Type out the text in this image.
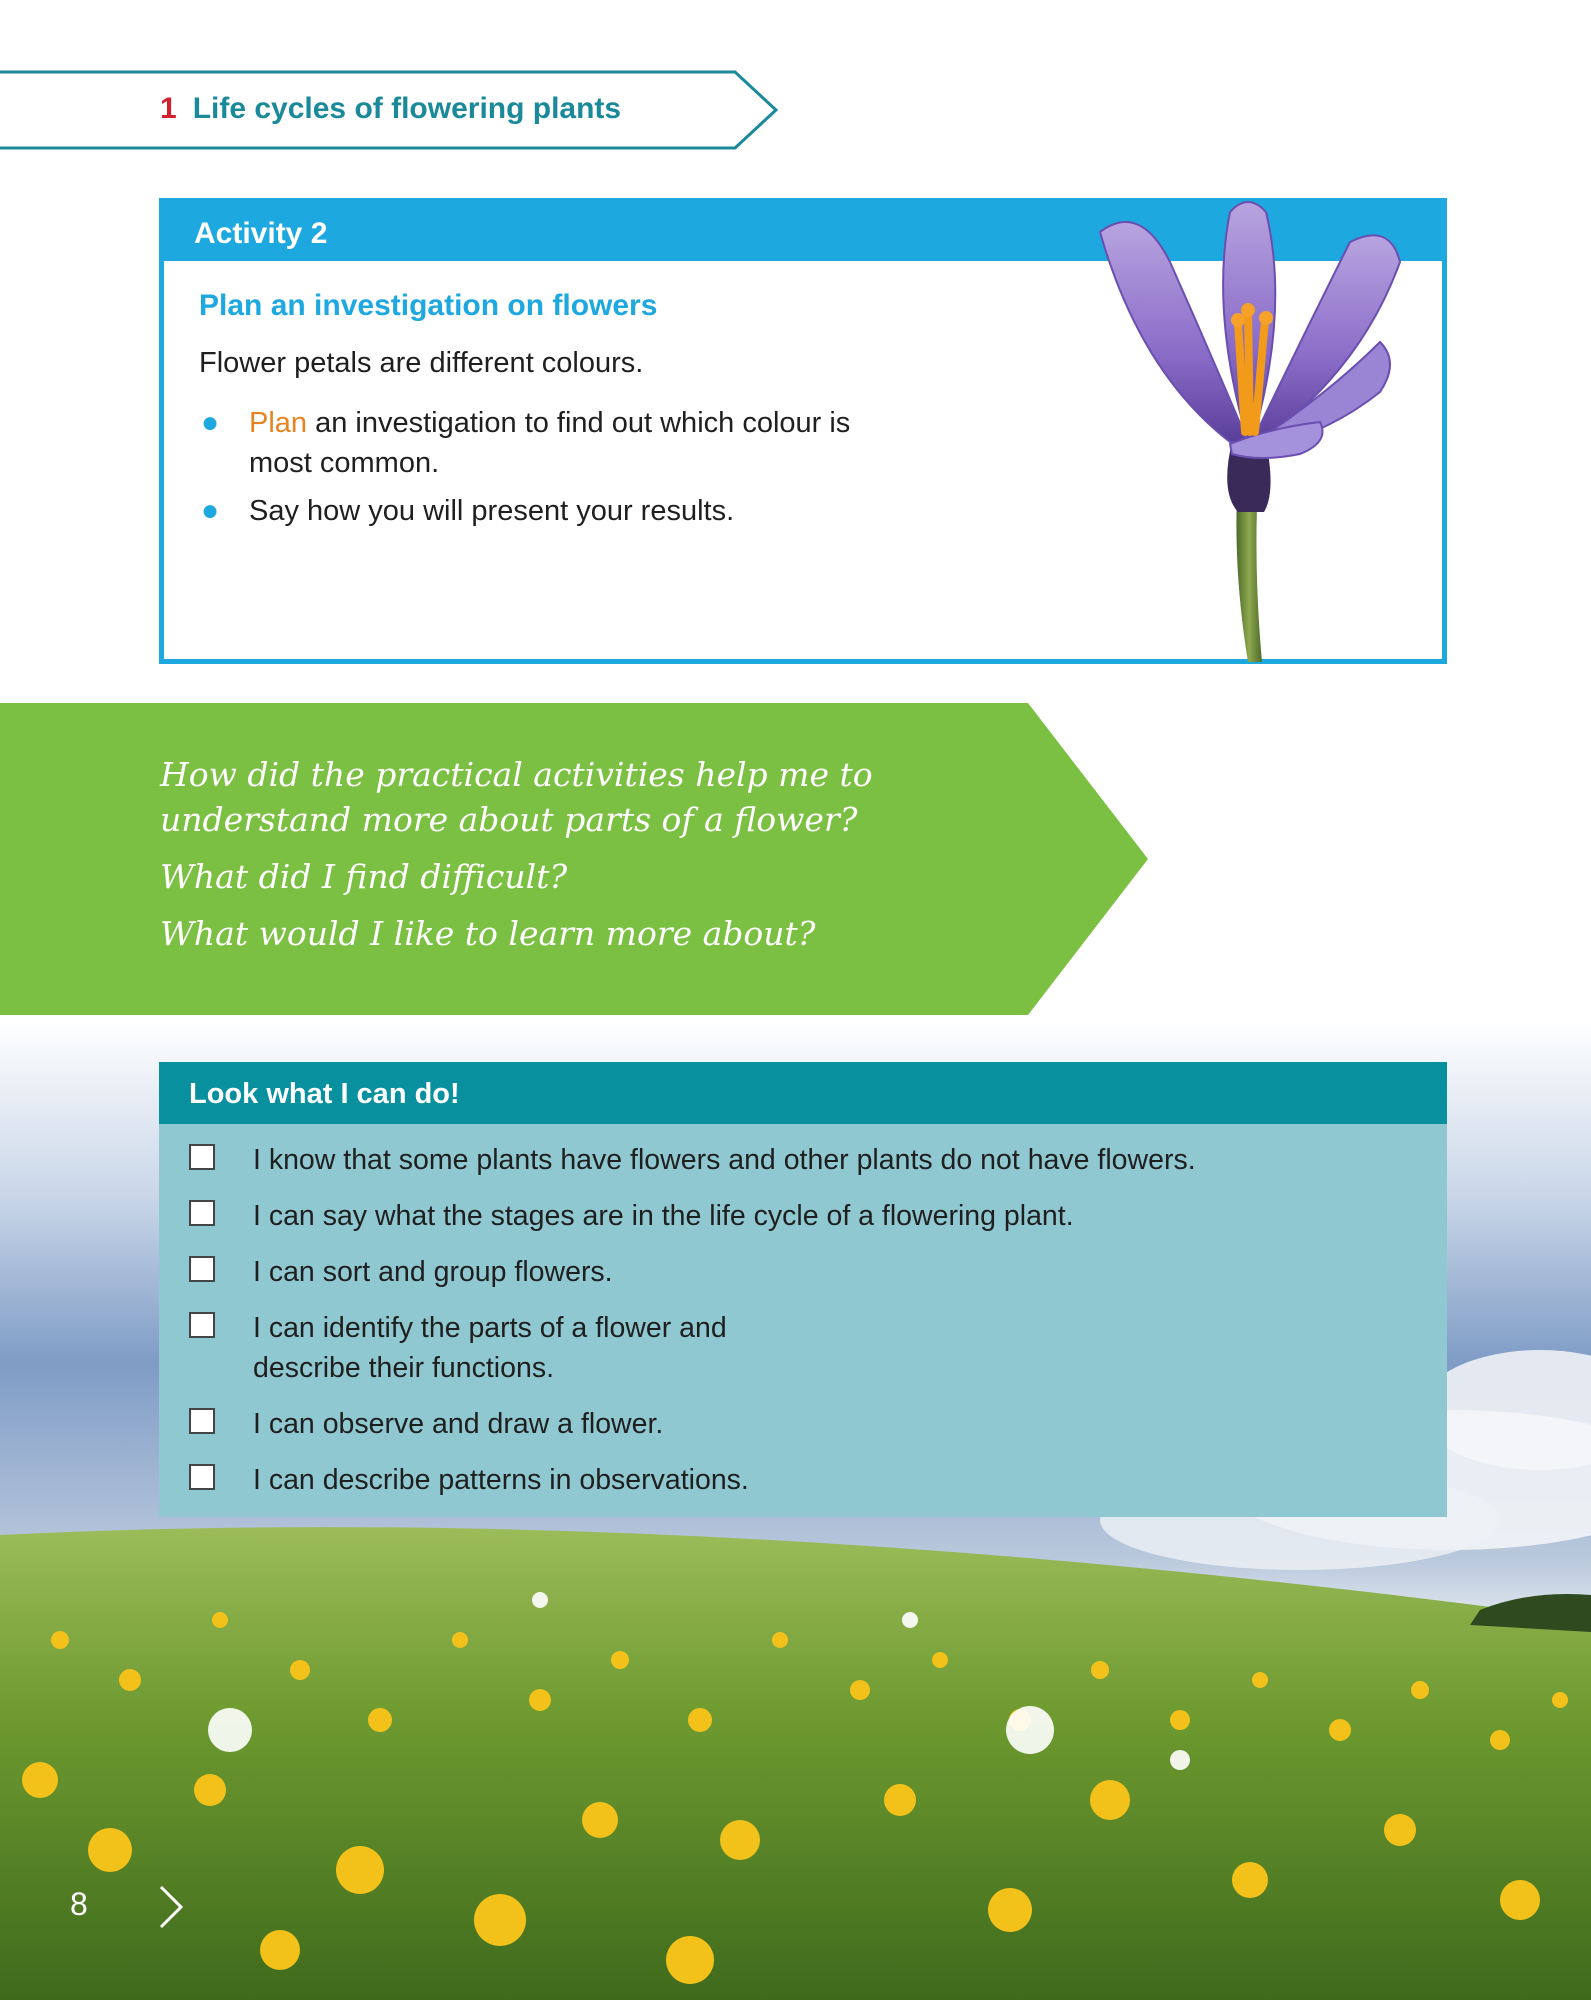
1 Life cycles of flowering plants
Activity 2
Plan an investigation on flowers
Flower petals are different colours.
● Plan an investigation to find out which colour is most common.
● Say how you will present your results.

How did the practical activities help me to

understand more about parts of a flower?

What did I find difficult?

What would I like to learn more about?

Look what I can do!
I know that some plants have flowers and other plants do not have flowers.
I can say what the stages are in the life cycle of a flowering plant.
I can sort and group flowers.
I can identify the parts of a flower and
describe their functions.
I can observe and draw a flower.
I can describe patterns in observations.
8
